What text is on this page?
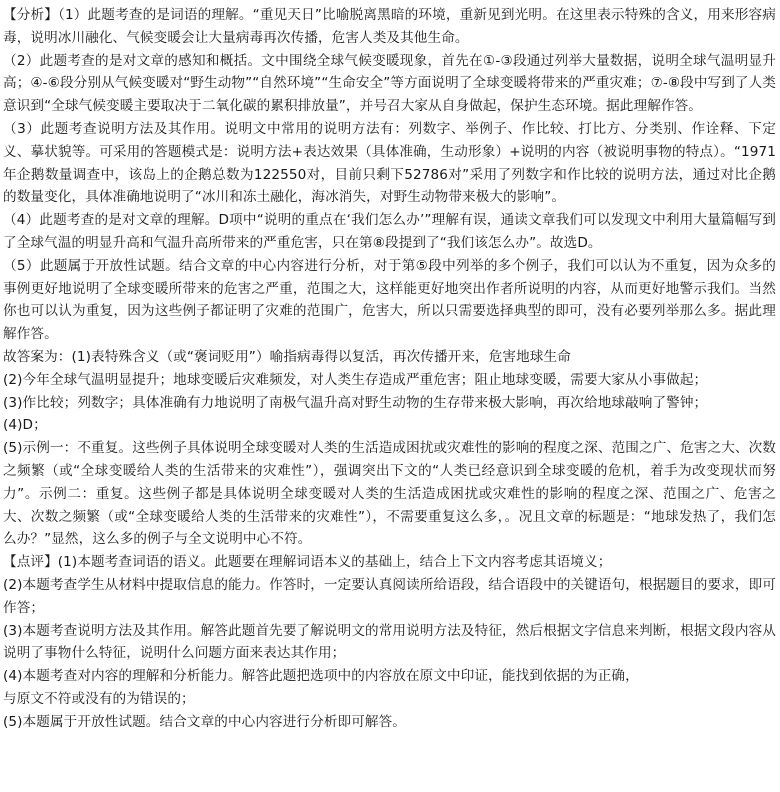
【分析】（1）此题考查的是词语的理解。“重见天日”比喻脱离黑暗的环境，重新见到光明。在这里表示特殊的含义，用来形容病毒，说明冰川融化、气候变暖会让大量病毒再次传播，危害人类及其他生命。

（2）此题考查的是对文章的感知和概括。文中围绕全球气候变暖现象，首先在①-③段通过列举大量数据，说明全球气温明显升高；④-⑥段分别从气候变暖对“野生动物”“自然环境”“生命安全”等方面说明了全球变暖将带来的严重灾难；⑦-⑧段中写到了人类意识到“全球气候变暖主要取决于二氧化碳的累积排放量”，并号召大家从自身做起，保护生态环境。据此理解作答。

（3）此题考查说明方法及其作用。说明文中常用的说明方法有：列数字、举例子、作比较、打比方、分类别、作诠释、下定义、摹状貌等。可采用的答题模式是：说明方法+表达效果（具体准确，生动形象）+说明的内容（被说明事物的特点）。“1971年企鹅数量调查中，该岛上的企鹅总数为122550对，目前只剩下52786对”采用了列数字和作比较的说明方法，通过对比企鹅的数量变化，具体准确地说明了“冰川和冻土融化，海冰消失，对野生动物带来极大的影响”。

（4）此题考查的是对文章的理解。D项中“说明的重点在‘我们怎么办’”理解有误，通读文章我们可以发现文中利用大量篇幅写到了全球气温的明显升高和气温升高所带来的严重危害，只在第⑧段提到了“我们该怎么办”。故选D。

（5）此题属于开放性试题。结合文章的中心内容进行分析，对于第⑤段中列举的多个例子，我们可以认为不重复，因为众多的事例更好地说明了全球变暖所带来的危害之严重，范围之大，这样能更好地突出作者所说明的内容，从而更好地警示我们。当然你也可以认为重复，因为这些例子都证明了灾难的范围广，危害大，所以只需要选择典型的即可，没有必要列举那么多。据此理解作答。

故答案为：(1)表特殊含义（或“褒词贬用”）喻指病毒得以复活，再次传播开来，危害地球生命

(2)今年全球气温明显提升；地球变暖后灾难频发，对人类生存造成严重危害；阻止地球变暖，需要大家从小事做起；

(3)作比较；列数字；具体准确有力地说明了南极气温升高对野生动物的生存带来极大影响，再次给地球敲响了警钟；

(4)D；

(5)示例一：不重复。这些例子具体说明全球变暖对人类的生活造成困扰或灾难性的影响的程度之深、范围之广、危害之大、次数之频繁（或“全球变暖给人类的生活带来的灾难性”），强调突出下文的“人类已经意识到全球变暖的危机，着手为改变现状而努力”。示例二：重复。这些例子都是具体说明全球变暖对人类的生活造成困扰或灾难性的影响的程度之深、范围之广、危害之大、次数之频繁（或“全球变暖给人类的生活带来的灾难性”），不需要重复这么多，。况且文章的标题是：“地球发热了，我们怎么办？”显然，这么多的例子与全文说明中心不符。

【点评】(1)本题考查词语的语义。此题要在理解词语本义的基础上，结合上下文内容考虑其语境义；

(2)本题考查学生从材料中提取信息的能力。作答时，一定要认真阅读所给语段，结合语段中的关键语句，根据题目的要求，即可作答；

(3)本题考查说明方法及其作用。解答此题首先要了解说明文的常用说明方法及特征，然后根据文字信息来判断，根据文段内容从说明了事物什么特征，说明什么问题方面来表达其作用；

(4)本题考查对内容的理解和分析能力。解答此题把选项中的内容放在原文中印证，能找到依据的为正确，

与原文不符或没有的为错误的；

(5)本题属于开放性试题。结合文章的中心内容进行分析即可解答。
